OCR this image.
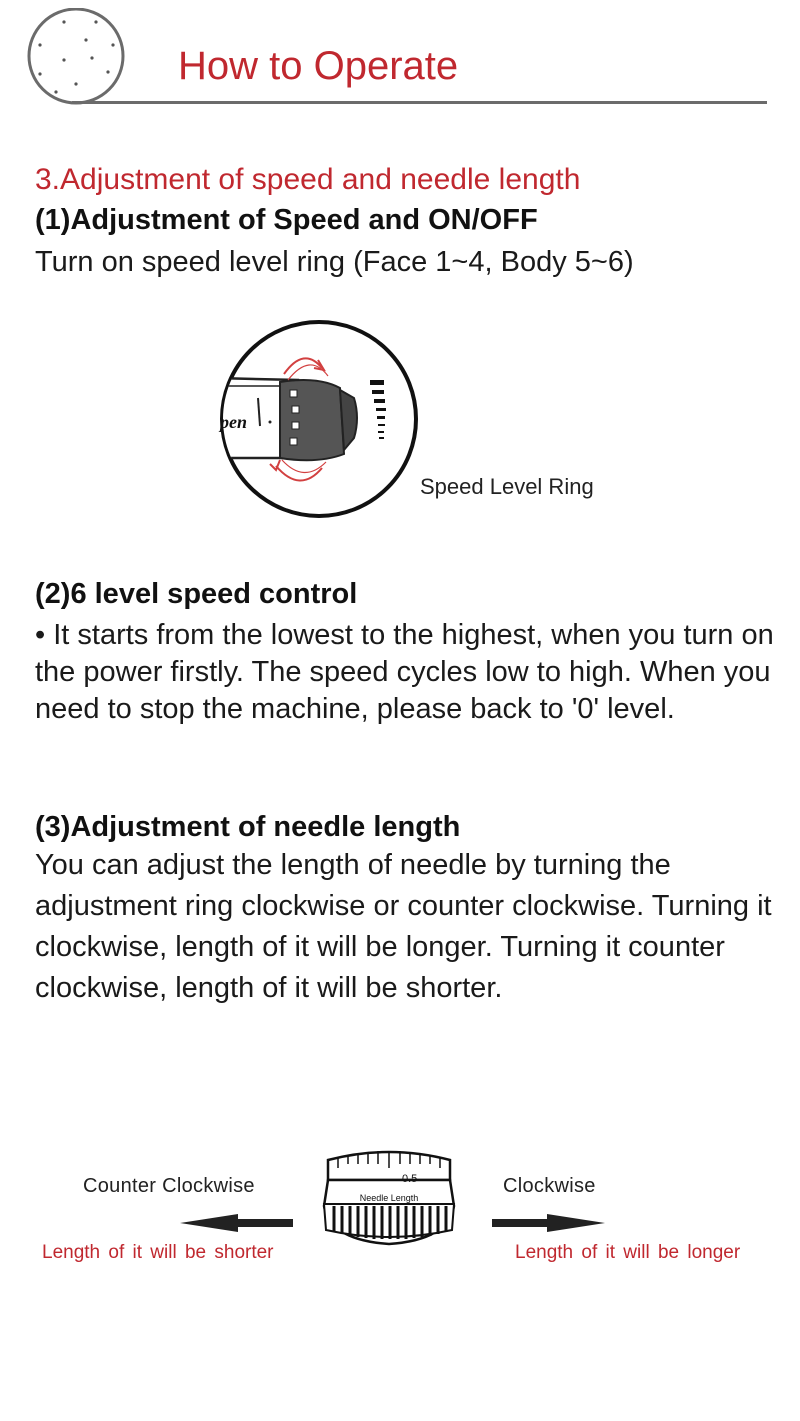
How to Operate
3.Adjustment of speed and needle length
(1)Adjustment of Speed and ON/OFF
Turn on speed level ring (Face 1~4, Body 5~6)
pen
Speed Level Ring
(2)6 level speed control
• It starts from the lowest to the highest, when you turn on the power firstly. The speed cycles low to high. When you need to stop the machine, please back to '0' level.
(3)Adjustment of needle length
You can adjust the length of needle by turning the adjustment ring clockwise or counter clockwise. Turning it clockwise, length of it will be longer. Turning it counter clockwise, length of it will be shorter.
0.5
Needle Length
Counter Clockwise
Length of it will be shorter
Clockwise
Length of it will be longer
